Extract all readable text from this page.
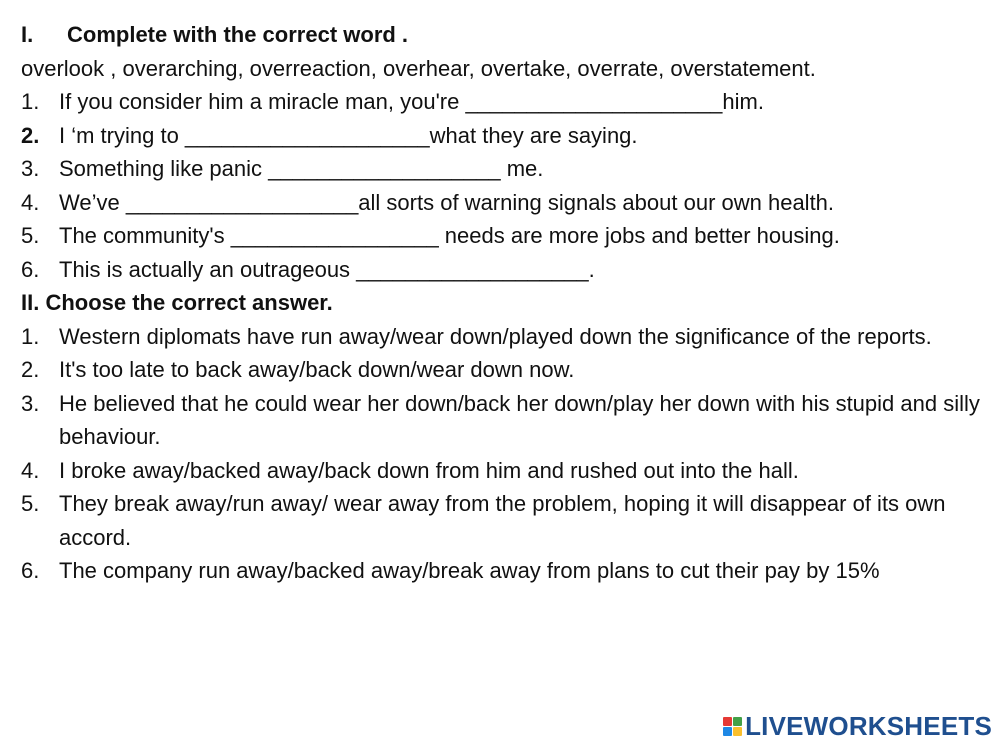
I. Complete with the correct word .

overlook , overarching, overreaction, overhear, overtake, overrate, overstatement.

1. If you consider him a miracle man, you're _____________________him.
2. I ‘m trying to ____________________what they are saying.
3. Something like panic ___________________ me.
4. We’ve ___________________all sorts of warning signals about our own health.
5. The community's _________________ needs are more jobs and better housing.
6. This is actually an outrageous ___________________.

II. Choose the correct answer.

1. Western diplomats have run away/wear down/played down the significance of the reports.
2. It's too late to back away/back down/wear down now.
3. He believed that he could wear her down/back her down/play her down with his stupid and silly behaviour.
4. I broke away/backed away/back down from him and rushed out into the hall.
5. They break away/run away/ wear away from the problem, hoping it will disappear of its own accord.
6. The company run away/backed away/break away from plans to cut their pay by 15%
LIVEWORKSHEETS
